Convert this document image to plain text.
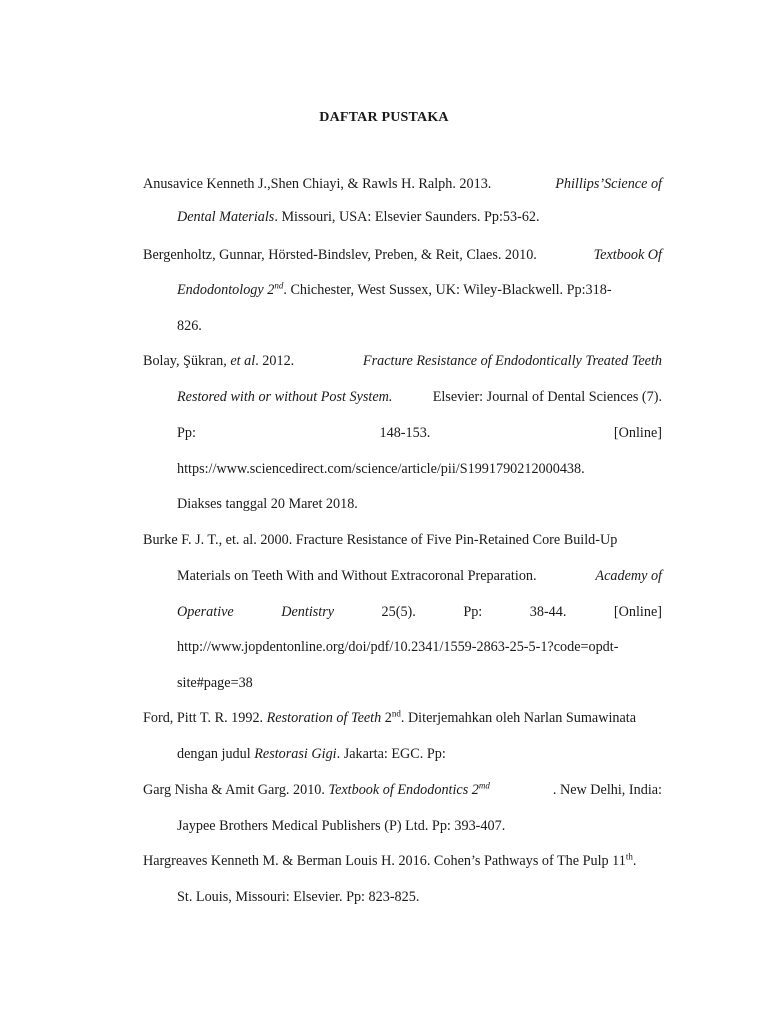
DAFTAR PUSTAKA
Anusavice Kenneth J.,Shen Chiayi, & Rawls H. Ralph. 2013.	Phillips’Science of
Dental Materials. Missouri, USA: Elsevier Saunders. Pp:53-62.
Bergenholtz, Gunnar, Hörsted-Bindslev, Preben, & Reit, Claes. 2010.	Textbook Of
Endodontology 2nd. Chichester, West Sussex, UK: Wiley-Blackwell. Pp:318-
826.
Bolay, Şükran, et al. 2012.	Fracture Resistance of Endodontically Treated Teeth
Restored with or without Post System.	Elsevier: Journal of Dental Sciences (7).
Pp:	148-153.	[Online]
https://www.sciencedirect.com/science/article/pii/S1991790212000438.
Diakses tanggal 20 Maret 2018.
Burke F. J. T., et. al. 2000. Fracture Resistance of Five Pin-Retained Core Build-Up
Materials on Teeth With and Without Extracoronal Preparation.	Academy of
Operative	Dentistry	25(5).	Pp:	38-44.	[Online]
http://www.jopdentonline.org/doi/pdf/10.2341/1559-2863-25-5-1?code=opdt-
site#page=38
Ford, Pitt T. R. 1992. Restoration of Teeth 2nd. Diterjemahkan oleh Narlan Sumawinata
dengan judul Restorasi Gigi. Jakarta: EGC. Pp:
Garg Nisha & Amit Garg. 2010. Textbook of Endodontics $2^{md}$	. New Delhi, India:
Jaypee Brothers Medical Publishers (P) Ltd. Pp: 393-407.
Hargreaves Kenneth M. & Berman Louis H. 2016. Cohen’s Pathways of The Pulp 11th.
St. Louis, Missouri: Elsevier. Pp: 823-825.
